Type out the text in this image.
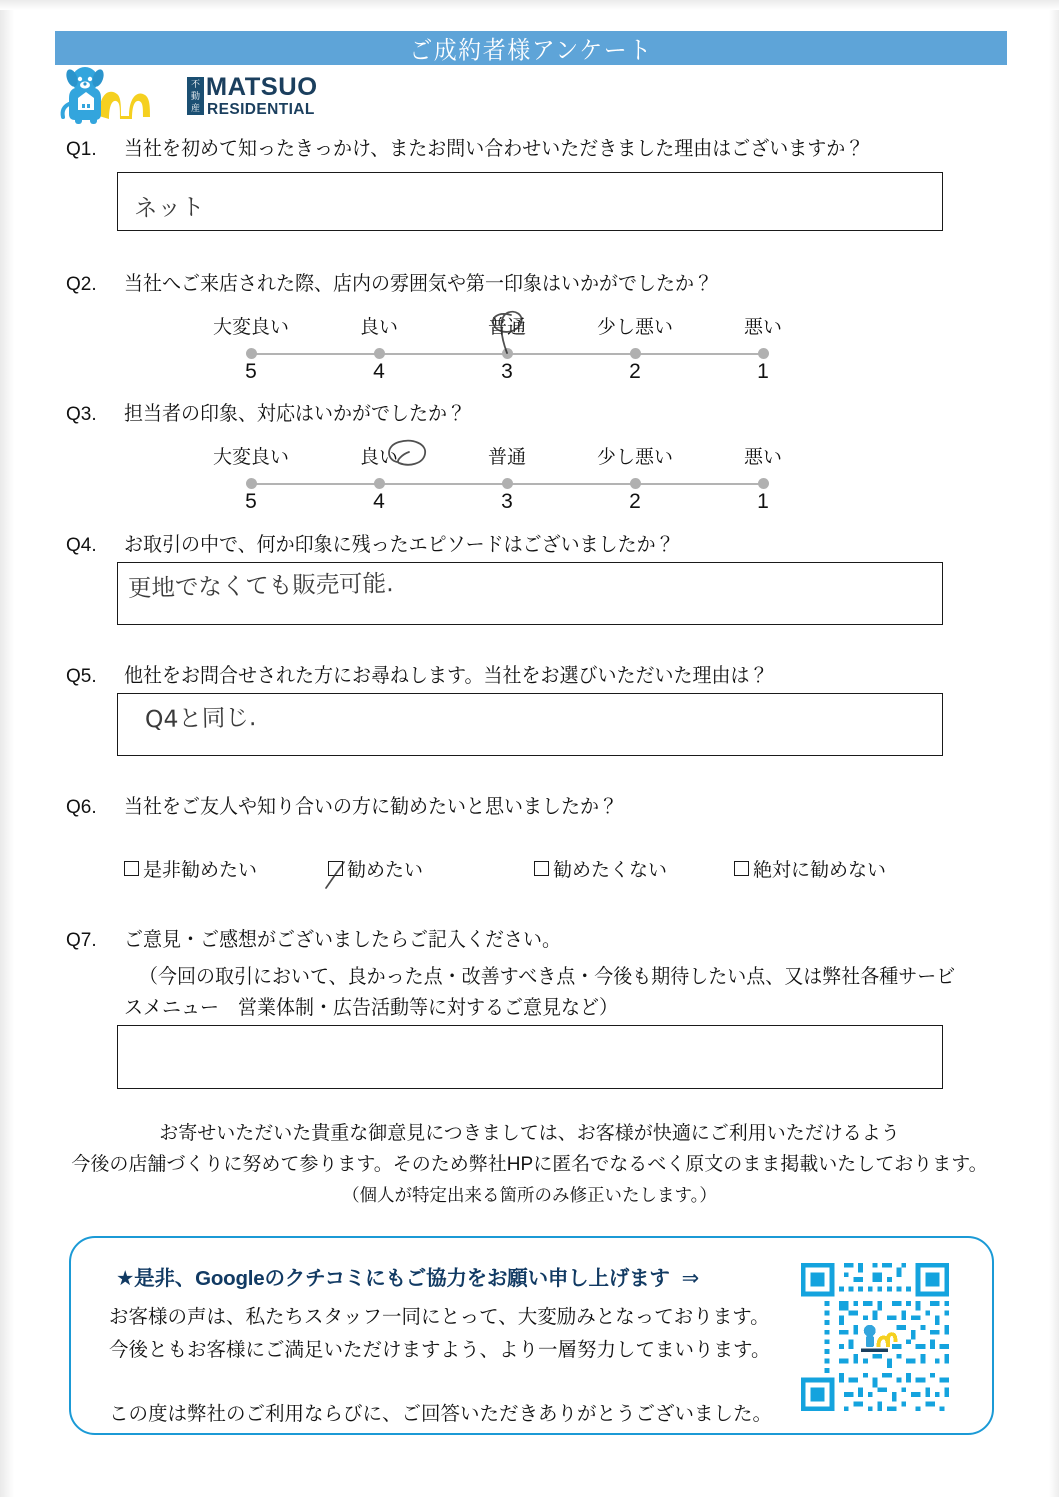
ご成約者様アンケート
不動産
MATSUO
RESIDENTIAL
Q1.	当社を初めて知ったきっかけ、またお問い合わせいただきました理由はございますか？
ネット
Q2.	当社へご来店された際、店内の雰囲気や第一印象はいかがでしたか？
大変良い	良い	普通	少し悪い	悪い
5	4	3	2	1
Q3.	担当者の印象、対応はいかがでしたか？
大変良い	良い	普通	少し悪い	悪い
5	4	3	2	1
Q4.	お取引の中で、何か印象に残ったエピソードはございましたか？
更地でなくても販売可能.
Q5.	他社をお問合せされた方にお尋ねします。当社をお選びいただいた理由は？
Q4と同じ.
Q6.	当社をご友人や知り合いの方に勧めたいと思いましたか？
是非勧めたい	勧めたい	勧めたくない	絶対に勧めない
Q7.	ご意見・ご感想がございましたらご記入ください。
（今回の取引において、良かった点・改善すべき点・今後も期待したい点、又は弊社各種サービ
スメニュー　営業体制・広告活動等に対するご意見など）
お寄せいただいた貴重な御意見につきましては、お客様が快適にご利用いただけるよう
今後の店舗づくりに努めて参ります。そのため弊社HPに匿名でなるべく原文のまま掲載いたしております。
（個人が特定出来る箇所のみ修正いたします。）
★是非、Googleのクチコミにもご協力をお願い申し上げます ⇒
お客様の声は、私たちスタッフ一同にとって、大変励みとなっております。
今後ともお客様にご満足いただけますよう、より一層努力してまいります。
この度は弊社のご利用ならびに、ご回答いただきありがとうございました。
